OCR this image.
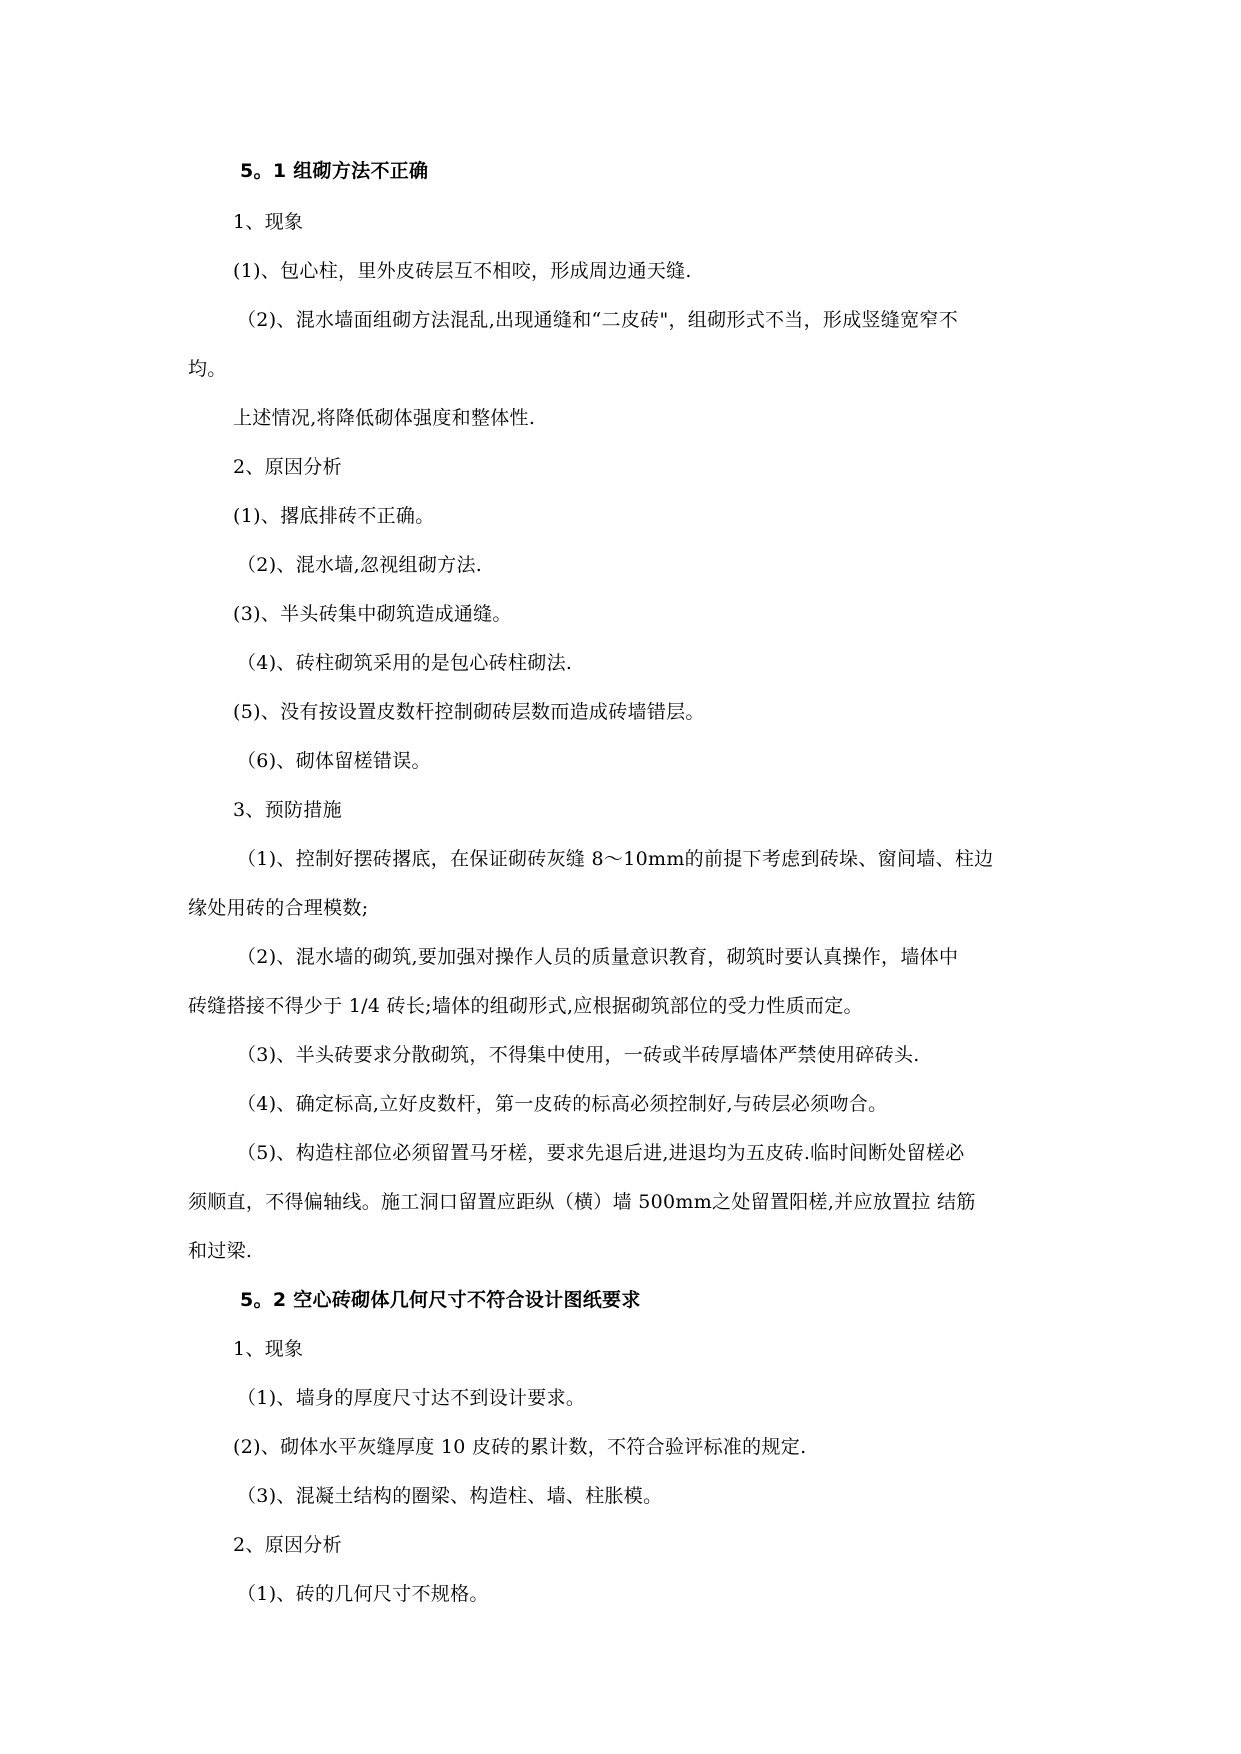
5。1 组砌方法不正确

1、现象

(1)、包心柱，里外皮砖层互不相咬，形成周边通天缝.

（2)、混水墙面组砌方法混乱,出现通缝和“二皮砖"，组砌形式不当，形成竖缝宽窄不

均。

上述情况,将降低砌体强度和整体性.

2、原因分析

(1)、撂底排砖不正确。

（2)、混水墙,忽视组砌方法.

(3)、半头砖集中砌筑造成通缝。

（4)、砖柱砌筑采用的是包心砖柱砌法.

(5)、没有按设置皮数杆控制砌砖层数而造成砖墙错层。

（6)、砌体留槎错误。

3、预防措施

（1)、控制好摆砖撂底，在保证砌砖灰缝 8～10mm的前提下考虑到砖垛、窗间墙、柱边

缘处用砖的合理模数;

（2)、混水墙的砌筑,要加强对操作人员的质量意识教育，砌筑时要认真操作，墙体中

砖缝搭接不得少于 1/4 砖长;墙体的组砌形式,应根据砌筑部位的受力性质而定。

（3)、半头砖要求分散砌筑，不得集中使用，一砖或半砖厚墙体严禁使用碎砖头.

（4)、确定标高,立好皮数杆，第一皮砖的标高必须控制好,与砖层必须吻合。

（5)、构造柱部位必须留置马牙槎，要求先退后进,进退均为五皮砖.临时间断处留槎必

须顺直，不得偏轴线。施工洞口留置应距纵（横）墙 500mm之处留置阳槎,并应放置拉 结筋

和过梁.

5。2 空心砖砌体几何尺寸不符合设计图纸要求

1、现象

（1)、墙身的厚度尺寸达不到设计要求。

(2)、砌体水平灰缝厚度 10 皮砖的累计数，不符合验评标准的规定.

（3)、混凝土结构的圈梁、构造柱、墙、柱胀模。

2、原因分析

（1)、砖的几何尺寸不规格。
